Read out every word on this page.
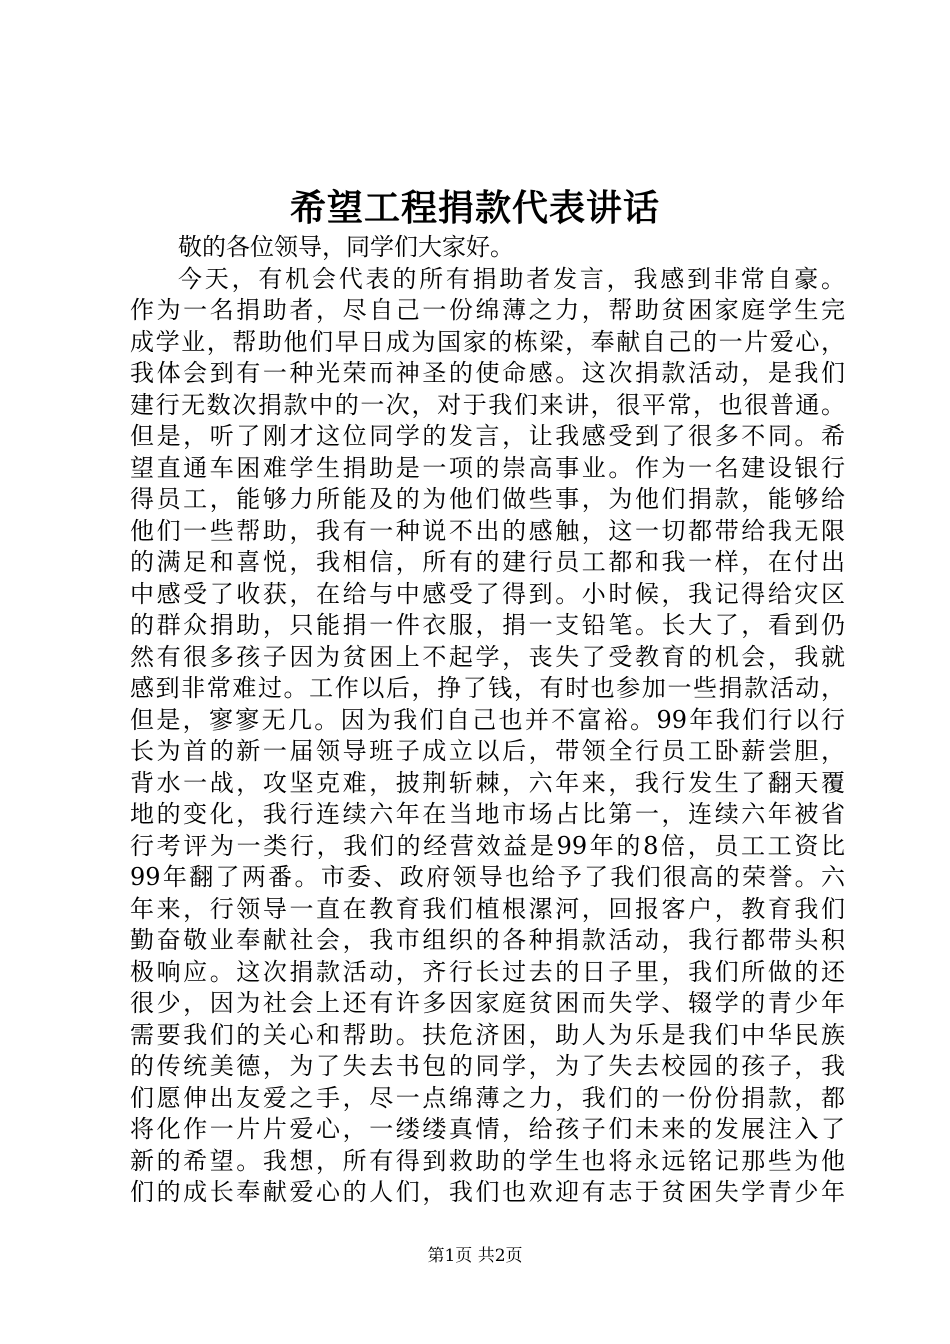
希望工程捐款代表讲话
敬的各位领导，同学们大家好。
今天，有机会代表的所有捐助者发言，我感到非常自豪。
作为一名捐助者，尽自己一份绵薄之力，帮助贫困家庭学生完
成学业，帮助他们早日成为国家的栋梁，奉献自己的一片爱心，
我体会到有一种光荣而神圣的使命感。这次捐款活动，是我们
建行无数次捐款中的一次，对于我们来讲，很平常，也很普通。
但是，听了刚才这位同学的发言，让我感受到了很多不同。希
望直通车困难学生捐助是一项的崇高事业。作为一名建设银行
得员工，能够力所能及的为他们做些事，为他们捐款，能够给
他们一些帮助，我有一种说不出的感触，这一切都带给我无限
的满足和喜悦，我相信，所有的建行员工都和我一样，在付出
中感受了收获，在给与中感受了得到。小时候，我记得给灾区
的群众捐助，只能捐一件衣服，捐一支铅笔。长大了，看到仍
然有很多孩子因为贫困上不起学，丧失了受教育的机会，我就
感到非常难过。工作以后，挣了钱，有时也参加一些捐款活动，
但是，寥寥无几。因为我们自己也并不富裕。99年我们行以行
长为首的新一届领导班子成立以后，带领全行员工卧薪尝胆，
背水一战，攻坚克难，披荆斩棘，六年来，我行发生了翻天覆
地的变化，我行连续六年在当地市场占比第一，连续六年被省
行考评为一类行，我们的经营效益是99年的8倍，员工工资比
99年翻了两番。市委、政府领导也给予了我们很高的荣誉。六
年来，行领导一直在教育我们植根漯河，回报客户，教育我们
勤奋敬业奉献社会，我市组织的各种捐款活动，我行都带头积
极响应。这次捐款活动，齐行长过去的日子里，我们所做的还
很少，因为社会上还有许多因家庭贫困而失学、辍学的青少年
需要我们的关心和帮助。扶危济困，助人为乐是我们中华民族
的传统美德，为了失去书包的同学，为了失去校园的孩子，我
们愿伸出友爱之手，尽一点绵薄之力，我们的一份份捐款，都
将化作一片片爱心，一缕缕真情，给孩子们未来的发展注入了
新的希望。我想，所有得到救助的学生也将永远铭记那些为他
们的成长奉献爱心的人们，我们也欢迎有志于贫困失学青少年
第1页 共2页
